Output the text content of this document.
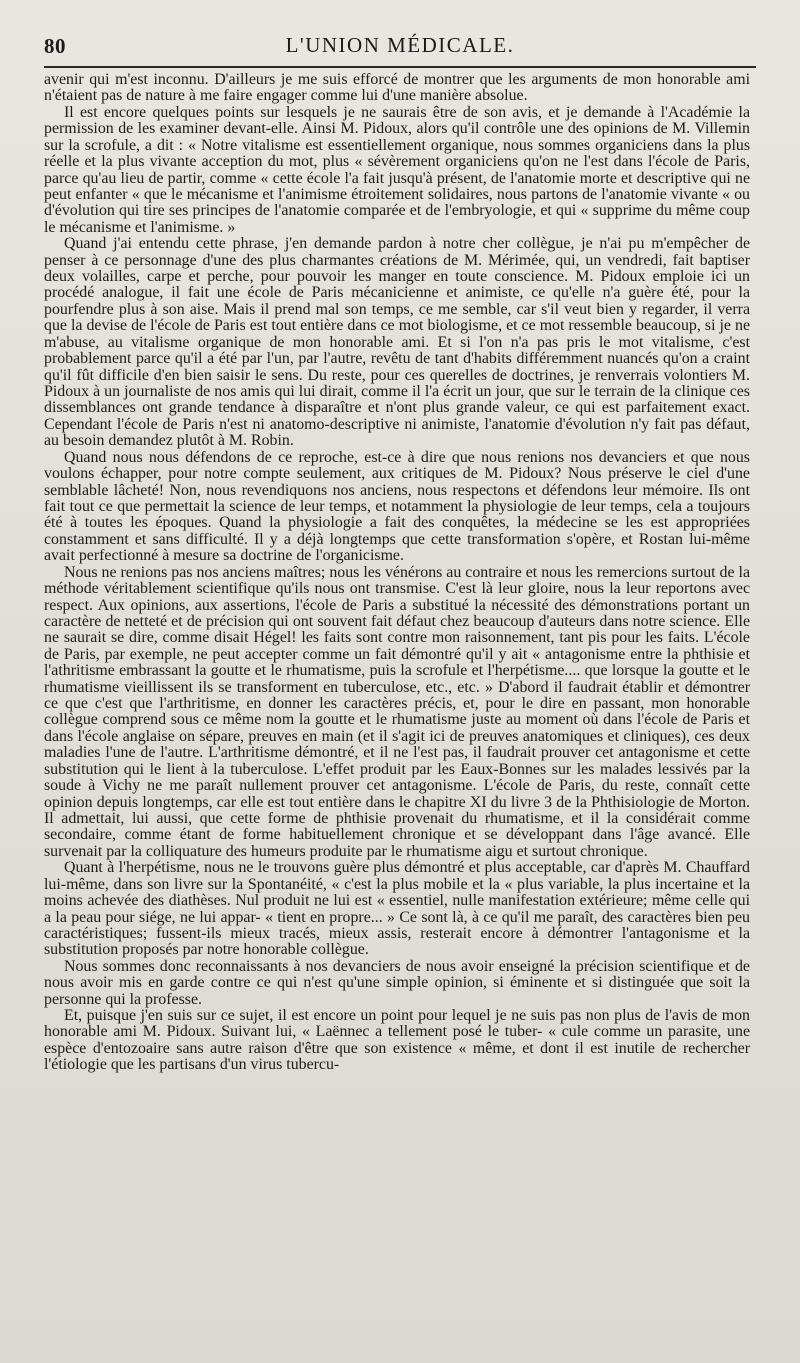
80	L'UNION MÉDICALE.

avenir qui m'est inconnu. D'ailleurs je me suis efforcé de montrer que les arguments de mon honorable ami n'étaient pas de nature à me faire engager comme lui d'une manière absolue.

Il est encore quelques points sur lesquels je ne saurais être de son avis, et je demande à l'Académie la permission de les examiner devant-elle. Ainsi M. Pidoux, alors qu'il contrôle une des opinions de M. Villemin sur la scrofule, a dit : « Notre vitalisme est essentiellement organique, nous sommes organiciens dans la plus réelle et la plus vivante acception du mot, plus « sévèrement organiciens qu'on ne l'est dans l'école de Paris, parce qu'au lieu de partir, comme « cette école l'a fait jusqu'à présent, de l'anatomie morte et descriptive qui ne peut enfanter « que le mécanisme et l'animisme étroitement solidaires, nous partons de l'anatomie vivante « ou d'évolution qui tire ses principes de l'anatomie comparée et de l'embryologie, et qui « supprime du même coup le mécanisme et l'animisme. »

Quand j'ai entendu cette phrase, j'en demande pardon à notre cher collègue, je n'ai pu m'empêcher de penser à ce personnage d'une des plus charmantes créations de M. Mérimée, qui, un vendredi, fait baptiser deux volailles, carpe et perche, pour pouvoir les manger en toute conscience. M. Pidoux emploie ici un procédé analogue, il fait une école de Paris mécanicienne et animiste, ce qu'elle n'a guère été, pour la pourfendre plus à son aise. Mais il prend mal son temps, ce me semble, car s'il veut bien y regarder, il verra que la devise de l'école de Paris est tout entière dans ce mot biologisme, et ce mot ressemble beaucoup, si je ne m'abuse, au vitalisme organique de mon honorable ami. Et si l'on n'a pas pris le mot vitalisme, c'est probablement parce qu'il a été par l'un, par l'autre, revêtu de tant d'habits différemment nuancés qu'on a craint qu'il fût difficile d'en bien saisir le sens. Du reste, pour ces querelles de doctrines, je renverrais volontiers M. Pidoux à un journaliste de nos amis qui lui dirait, comme il l'a écrit un jour, que sur le terrain de la clinique ces dissemblances ont grande tendance à disparaître et n'ont plus grande valeur, ce qui est parfaitement exact. Cependant l'école de Paris n'est ni anatomo-descriptive ni animiste, l'anatomie d'évolution n'y fait pas défaut, au besoin demandez plutôt à M. Robin.

Quand nous nous défendons de ce reproche, est-ce à dire que nous renions nos devanciers et que nous voulons échapper, pour notre compte seulement, aux critiques de M. Pidoux? Nous préserve le ciel d'une semblable lâcheté! Non, nous revendiquons nos anciens, nous respectons et défendons leur mémoire. Ils ont fait tout ce que permettait la science de leur temps, et notamment la physiologie de leur temps, cela a toujours été à toutes les époques. Quand la physiologie a fait des conquêtes, la médecine se les est appropriées constamment et sans difficulté. Il y a déjà longtemps que cette transformation s'opère, et Rostan lui-même avait perfectionné à mesure sa doctrine de l'organicisme.

Nous ne renions pas nos anciens maîtres; nous les vénérons au contraire et nous les remercions surtout de la méthode véritablement scientifique qu'ils nous ont transmise. C'est là leur gloire, nous la leur reportons avec respect. Aux opinions, aux assertions, l'école de Paris a substitué la nécessité des démonstrations portant un caractère de netteté et de précision qui ont souvent fait défaut chez beaucoup d'auteurs dans notre science. Elle ne saurait se dire, comme disait Hégel! les faits sont contre mon raisonnement, tant pis pour les faits. L'école de Paris, par exemple, ne peut accepter comme un fait démontré qu'il y ait « antagonisme entre la phthisie et l'athritisme embrassant la goutte et le rhumatisme, puis la scrofule et l'herpétisme.... que lorsque la goutte et le rhumatisme vieillissent ils se transforment en tuberculose, etc., etc. » D'abord il faudrait établir et démontrer ce que c'est que l'arthritisme, en donner les caractères précis, et, pour le dire en passant, mon honorable collègue comprend sous ce même nom la goutte et le rhumatisme juste au moment où dans l'école de Paris et dans l'école anglaise on sépare, preuves en main (et il s'agit ici de preuves anatomiques et cliniques), ces deux maladies l'une de l'autre. L'arthritisme démontré, et il ne l'est pas, il faudrait prouver cet antagonisme et cette substitution qui le lient à la tuberculose. L'effet produit par les Eaux-Bonnes sur les malades lessivés par la soude à Vichy ne me paraît nullement prouver cet antagonisme. L'école de Paris, du reste, connaît cette opinion depuis longtemps, car elle est tout entière dans le chapitre XI du livre 3 de la Phthisiologie de Morton. Il admettait, lui aussi, que cette forme de phthisie provenait du rhumatisme, et il la considérait comme secondaire, comme étant de forme habituellement chronique et se développant dans l'âge avancé. Elle survenait par la colliquature des humeurs produite par le rhumatisme aigu et surtout chronique.

Quant à l'herpétisme, nous ne le trouvons guère plus démontré et plus acceptable, car d'après M. Chauffard lui-même, dans son livre sur la Spontanéité, « c'est la plus mobile et la « plus variable, la plus incertaine et la moins achevée des diathèses. Nul produit ne lui est « essentiel, nulle manifestation extérieure; même celle qui a la peau pour siége, ne lui appar- « tient en propre... » Ce sont là, à ce qu'il me paraît, des caractères bien peu caractéristiques; fussent-ils mieux tracés, mieux assis, resterait encore à démontrer l'antagonisme et la substitution proposés par notre honorable collègue.

Nous sommes donc reconnaissants à nos devanciers de nous avoir enseigné la précision scientifique et de nous avoir mis en garde contre ce qui n'est qu'une simple opinion, si éminente et si distinguée que soit la personne qui la professe.

Et, puisque j'en suis sur ce sujet, il est encore un point pour lequel je ne suis pas non plus de l'avis de mon honorable ami M. Pidoux. Suivant lui, « Laënnec a tellement posé le tuber- « cule comme un parasite, une espèce d'entozoaire sans autre raison d'être que son existence « même, et dont il est inutile de rechercher l'étiologie que les partisans d'un virus tubercu-
